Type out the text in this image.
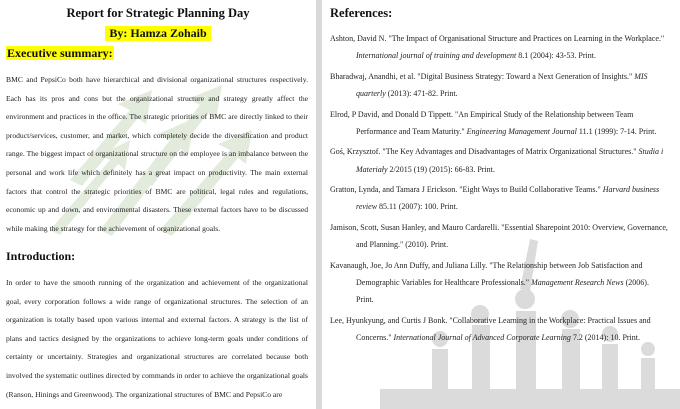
Report for Strategic Planning Day
By: Hamza Zohaib
Executive summary:
BMC and PepsiCo both have hierarchical and divisional organizational structures respectively. Each has its pros and cons but the organizational structure and strategy greatly affect the environment and practices in the office. The strategic priorities of BMC are directly linked to their product/services, customer, and market, which completely decide the diversification and product range. The biggest impact of organizational structure on the employee is an imbalance between the personal and work life which definitely has a great impact on productivity. The main external factors that control the strategic priorities of BMC are political, legal rules and regulations, economic up and down, and environmental disasters. These external factors have to be discussed while making the strategy for the achievement of organizational goals.
Introduction:
In order to have the smooth running of the organization and achievement of the organizational goal, every corporation follows a wide range of organizational structures. The selection of an organization is totally based upon various internal and external factors. A strategy is the list of plans and tactics designed by the organizations to achieve long-term goals under conditions of certainty or uncertainty. Strategies and organizational structures are correlated because both involved the systematic outlines directed by commands in order to achieve the organizational goals (Ranson, Hinings and Greenwood). The organizational structures of BMC and PepsiCo are
References:
Ashton, David N. "The Impact of Organisational Structure and Practices on Learning in the Workplace." International journal of training and development 8.1 (2004): 43-53. Print.
Bharadwaj, Anandhi, et al. "Digital Business Strategy: Toward a Next Generation of Insights." MIS quarterly (2013): 471-82. Print.
Elrod, P David, and Donald D Tippett. "An Empirical Study of the Relationship between Team Performance and Team Maturity." Engineering Management Journal 11.1 (1999): 7-14. Print.
Goś, Krzysztof. "The Key Advantages and Disadvantages of Matrix Organizational Structures." Studia i Materiały 2/2015 (19) (2015): 66-83. Print.
Gratton, Lynda, and Tamara J Erickson. "Eight Ways to Build Collaborative Teams." Harvard business review 85.11 (2007): 100. Print.
Jamison, Scott, Susan Hanley, and Mauro Cardarelli. "Essential Sharepoint 2010: Overview, Governance, and Planning." (2010). Print.
Kavanaugh, Joe, Jo Ann Duffy, and Juliana Lilly. "The Relationship between Job Satisfaction and Demographic Variables for Healthcare Professionals." Management Research News (2006). Print.
Lee, Hyunkyung, and Curtis J Bonk. "Collaborative Learning in the Workplace: Practical Issues and Concerns." International Journal of Advanced Corporate Learning 7.2 (2014): 10. Print.
